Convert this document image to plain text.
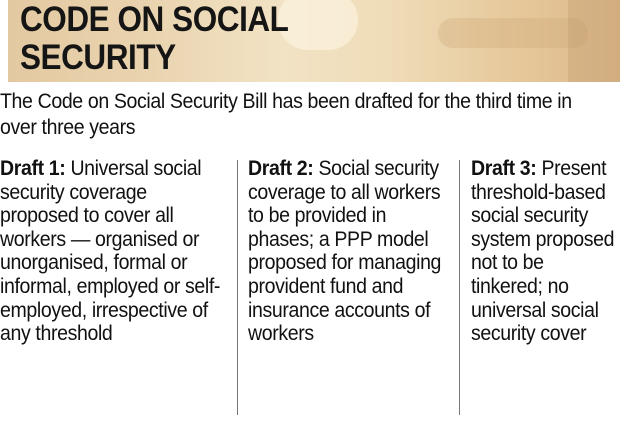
CODE ON SOCIAL SECURITY
The Code on Social Security Bill has been drafted for the third time in over three years
Draft 1: Universal social security coverage proposed to cover all workers — organised or unorganised, formal or informal, employed or self-employed, irrespective of any threshold
Draft 2: Social security coverage to all workers to be provided in phases; a PPP model proposed for managing provident fund and insurance accounts of workers
Draft 3: Present threshold-based social security system proposed not to be tinkered; no universal social security cover
